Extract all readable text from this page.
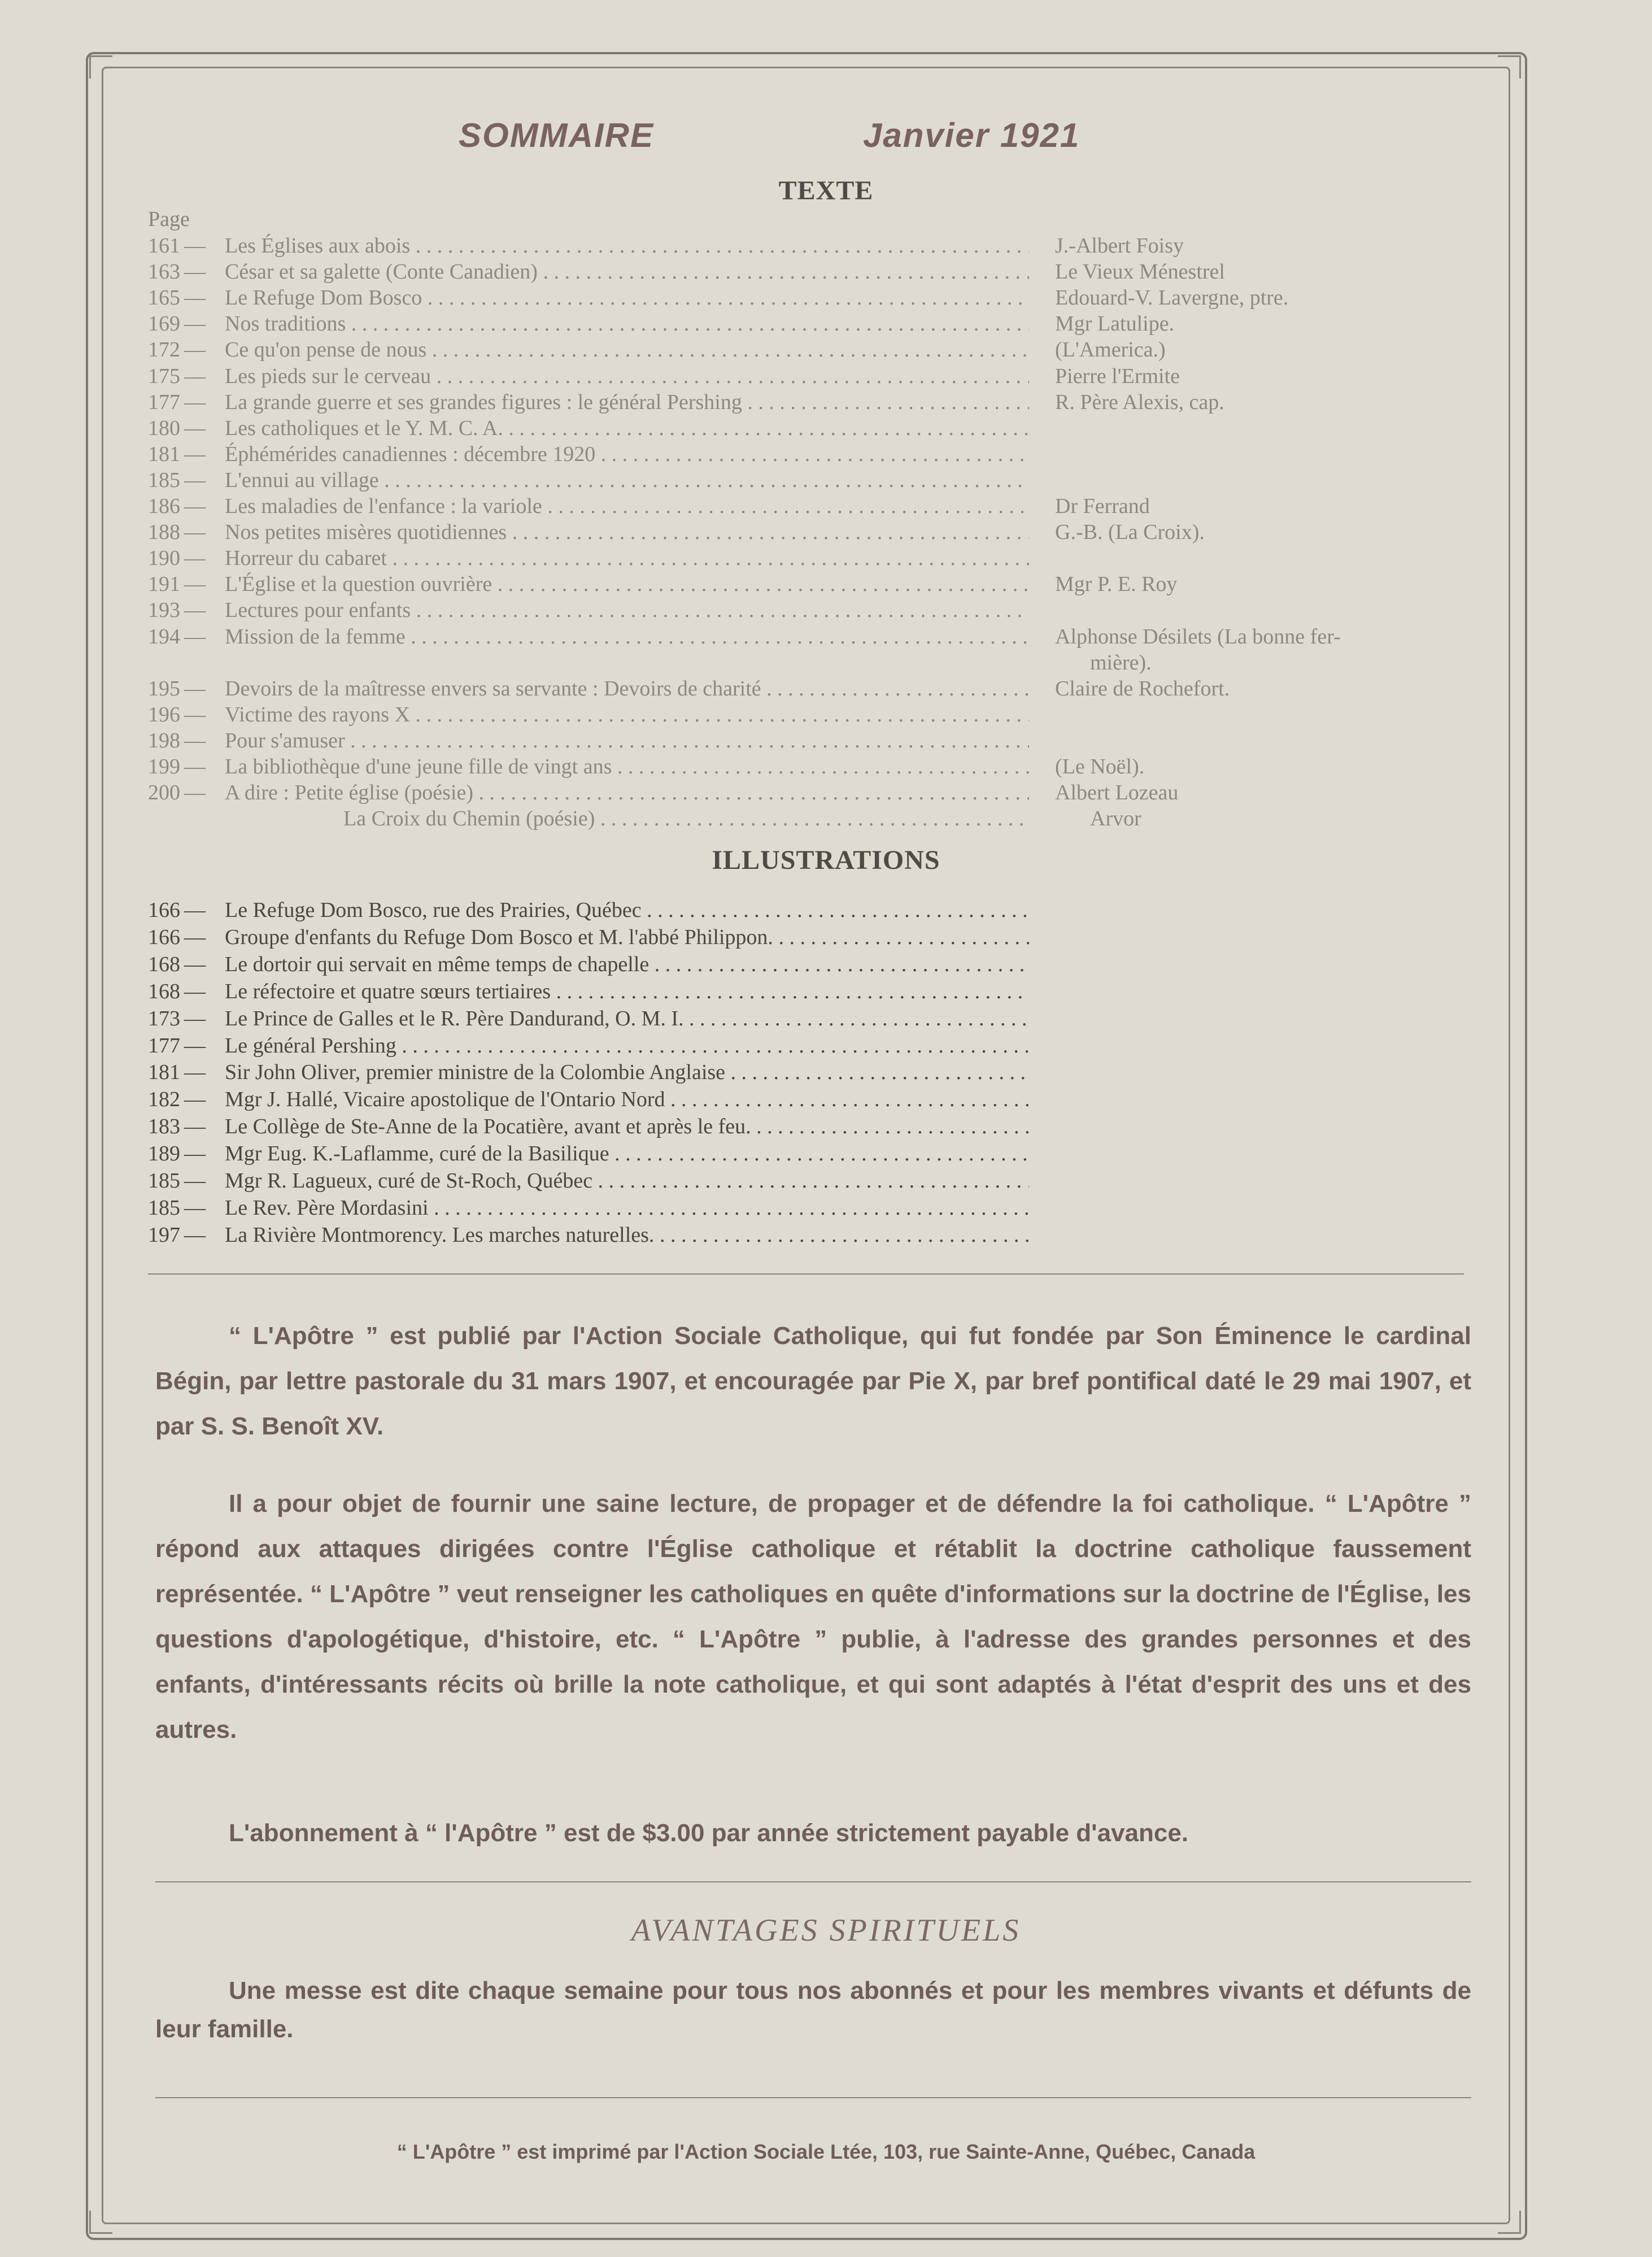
SOMMAIRE	Janvier 1921
TEXTE
Page
161 — Les Églises aux abois . . .	J.-Albert Foisy
163 — César et sa galette (Conte Canadien) . . .	Le Vieux Ménestrel
165 — Le Refuge Dom Bosco . . .	Edouard-V. Lavergne, ptre.
169 — Nos traditions . . .	Mgr Latulipe.
172 — Ce qu'on pense de nous . . .	(L'America.)
175 — Les pieds sur le cerveau . . .	Pierre l'Ermite
177 — La grande guerre et ses grandes figures : le général Pershing . . .	R. Père Alexis, cap.
180 — Les catholiques et le Y. M. C. A. . . .
181 — Éphémérides canadiennes : décembre 1920 . . .
185 — L'ennui au village . . .
186 — Les maladies de l'enfance : la variole . . .	Dr Ferrand
188 — Nos petites misères quotidiennes . . .	G.-B. (La Croix).
190 — Horreur du cabaret . . .
191 — L'Église et la question ouvrière . . .	Mgr P. E. Roy
193 — Lectures pour enfants . . .
194 — Mission de la femme . . .	Alphonse Désilets (La bonne fer-
mière).
195 — Devoirs de la maîtresse envers sa servante : Devoirs de charité . . .	Claire de Rochefort.
196 — Victime des rayons X . . .
198 — Pour s'amuser . . .
199 — La bibliothèque d'une jeune fille de vingt ans . . .	(Le Noël).
200 — A dire : Petite église (poésie) . . .	Albert Lozeau
La Croix du Chemin (poésie) . . .	Arvor
ILLUSTRATIONS
166 — Le Refuge Dom Bosco, rue des Prairies, Québec . . .
166 — Groupe d'enfants du Refuge Dom Bosco et M. l'abbé Philippon. . . .
168 — Le dortoir qui servait en même temps de chapelle . . .
168 — Le réfectoire et quatre sœurs tertiaires . . .
173 — Le Prince de Galles et le R. Père Dandurand, O. M. I. . . .
177 — Le général Pershing . . .
181 — Sir John Oliver, premier ministre de la Colombie Anglaise . . .
182 — Mgr J. Hallé, Vicaire apostolique de l'Ontario Nord . . .
183 — Le Collège de Ste-Anne de la Pocatière, avant et après le feu. . . .
189 — Mgr Eug. K.-Laflamme, curé de la Basilique . . .
185 — Mgr R. Lagueux, curé de St-Roch, Québec . . .
185 — Le Rev. Père Mordasini . . .
197 — La Rivière Montmorency. Les marches naturelles. . . .
“ L'Apôtre ” est publié par l'Action Sociale Catholique, qui fut fondée par Son Éminence le cardinal Bégin, par lettre pastorale du 31 mars 1907, et encouragée par Pie X, par bref pontifical daté le 29 mai 1907, et par S. S. Benoît XV.
Il a pour objet de fournir une saine lecture, de propager et de défendre la foi catholique. “ L'Apôtre ” répond aux attaques dirigées contre l'Église catholique et rétablit la doctrine catholique faussement représentée. “ L'Apôtre ” veut renseigner les catholiques en quête d'informations sur la doctrine de l'Église, les questions d'apologétique, d'histoire, etc. “ L'Apôtre ” publie, à l'adresse des grandes personnes et des enfants, d'intéressants récits où brille la note catholique, et qui sont adaptés à l'état d'esprit des uns et des autres.
L'abonnement à “ l'Apôtre ” est de $3.00 par année strictement payable d'avance.
AVANTAGES SPIRITUELS
Une messe est dite chaque semaine pour tous nos abonnés et pour les membres vivants et défunts de leur famille.
“ L'Apôtre ” est imprimé par l'Action Sociale Ltée, 103, rue Sainte-Anne, Québec, Canada
